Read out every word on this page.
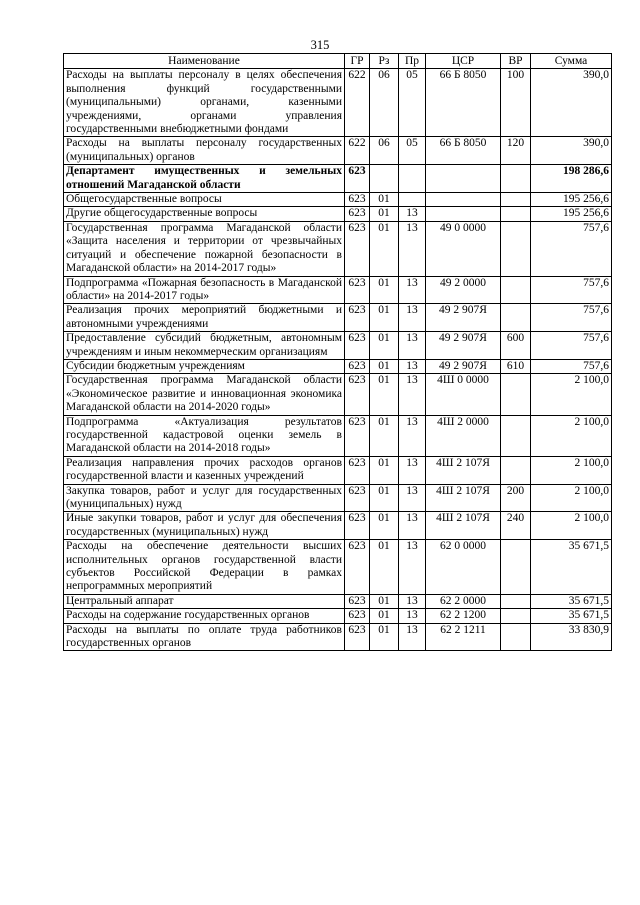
315
Наименование	ГР	Рз	Пр	ЦСР	ВР	Сумма
Расходы на выплаты персоналу в целях обеспечения выполнения функций государственными (муниципальными) органами, казенными учреждениями, органами управления государственными внебюджетными фондами	622	06	05	66 Б 8050	100	390,0
Расходы на выплаты персоналу государственных (муниципальных) органов	622	06	05	66 Б 8050	120	390,0
Департамент имущественных и земельных отношений Магаданской области	623					198 286,6
Общегосударственные вопросы	623	01				195 256,6
Другие общегосударственные вопросы	623	01	13			195 256,6
Государственная программа Магаданской области «Защита населения и территории от чрезвычайных ситуаций и обеспечение пожарной безопасности в Магаданской области» на 2014-2017 годы»	623	01	13	49 0 0000		757,6
Подпрограмма «Пожарная безопасность в Магаданской области» на 2014-2017 годы»	623	01	13	49 2 0000		757,6
Реализация прочих мероприятий бюджетными и автономными учреждениями	623	01	13	49 2 907Я		757,6
Предоставление субсидий бюджетным, автономным учреждениям и иным некоммерческим организациям	623	01	13	49 2 907Я	600	757,6
Субсидии бюджетным учреждениям	623	01	13	49 2 907Я	610	757,6
Государственная программа Магаданской области «Экономическое развитие и инновационная экономика Магаданской области на 2014-2020 годы»	623	01	13	4Ш 0 0000		2 100,0
Подпрограмма «Актуализация результатов государственной кадастровой оценки земель в Магаданской области на 2014-2018 годы»	623	01	13	4Ш 2 0000		2 100,0
Реализация направления прочих расходов органов государственной власти и казенных учреждений	623	01	13	4Ш 2 107Я		2 100,0
Закупка товаров, работ и услуг для государственных (муниципальных) нужд	623	01	13	4Ш 2 107Я	200	2 100,0
Иные закупки товаров, работ и услуг для обеспечения государственных (муниципальных) нужд	623	01	13	4Ш 2 107Я	240	2 100,0
Расходы на обеспечение деятельности высших исполнительных органов государственной власти субъектов Российской Федерации в рамках непрограммных мероприятий	623	01	13	62 0 0000		35 671,5
Центральный аппарат	623	01	13	62 2 0000		35 671,5
Расходы на содержание государственных органов	623	01	13	62 2 1200		35 671,5
Расходы на выплаты по оплате труда работников государственных органов	623	01	13	62 2 1211		33 830,9
